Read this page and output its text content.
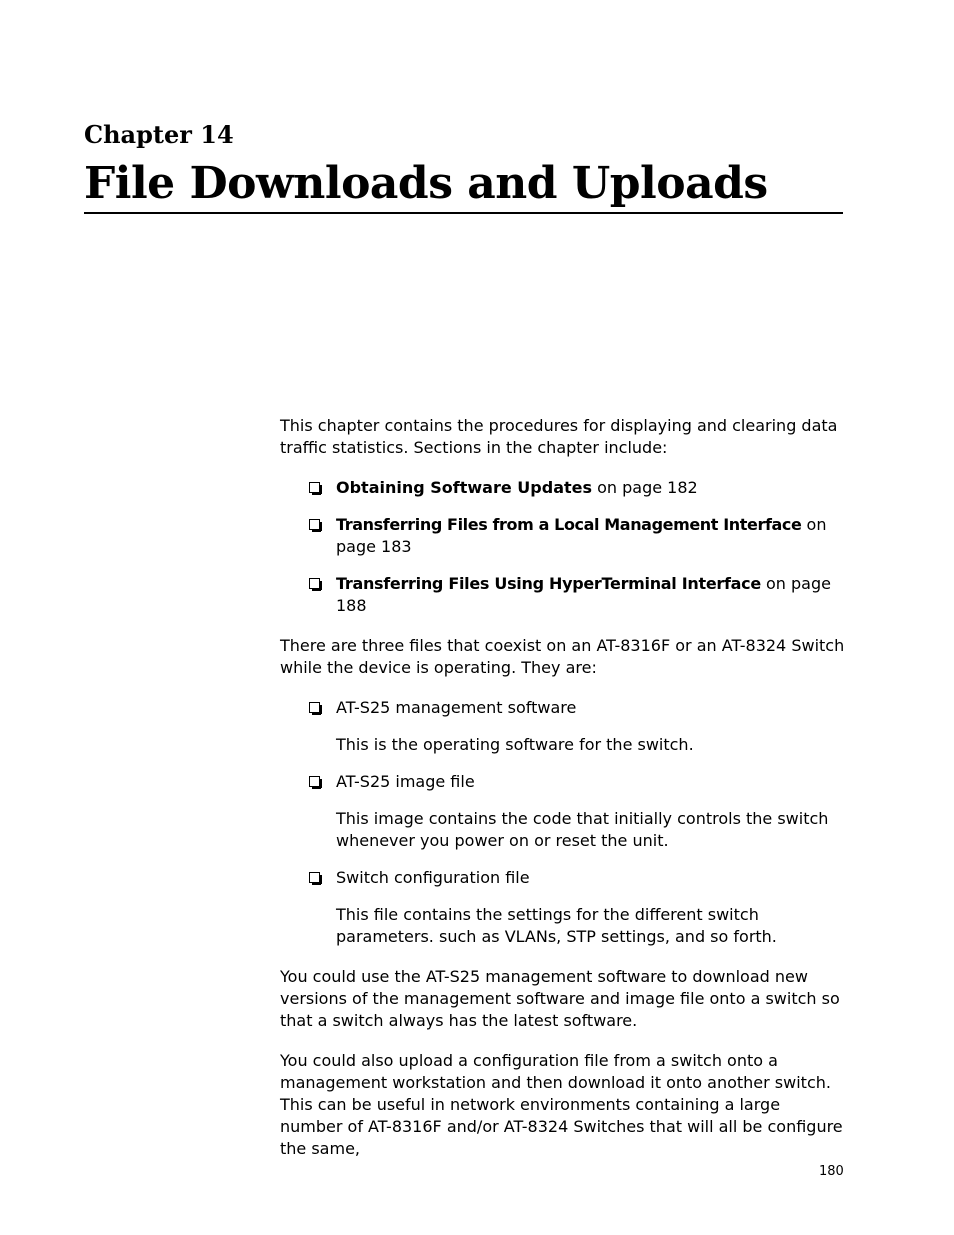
Chapter 14
File Downloads and Uploads

This chapter contains the procedures for displaying and clearing data traffic statistics. Sections in the chapter include:

Obtaining Software Updates on page 182
Transferring Files from a Local Management Interface on page 183
Transferring Files Using HyperTerminal Interface on page 188

There are three files that coexist on an AT-8316F or an AT-8324 Switch while the device is operating. They are:

AT-S25 management software
This is the operating software for the switch.
AT-S25 image file
This image contains the code that initially controls the switch whenever you power on or reset the unit.
Switch configuration file
This file contains the settings for the different switch parameters. such as VLANs, STP settings, and so forth.

You could use the AT-S25 management software to download new versions of the management software and image file onto a switch so that a switch always has the latest software.

You could also upload a configuration file from a switch onto a management workstation and then download it onto another switch. This can be useful in network environments containing a large number of AT-8316F and/or AT-8324 Switches that will all be configure the same,

180
